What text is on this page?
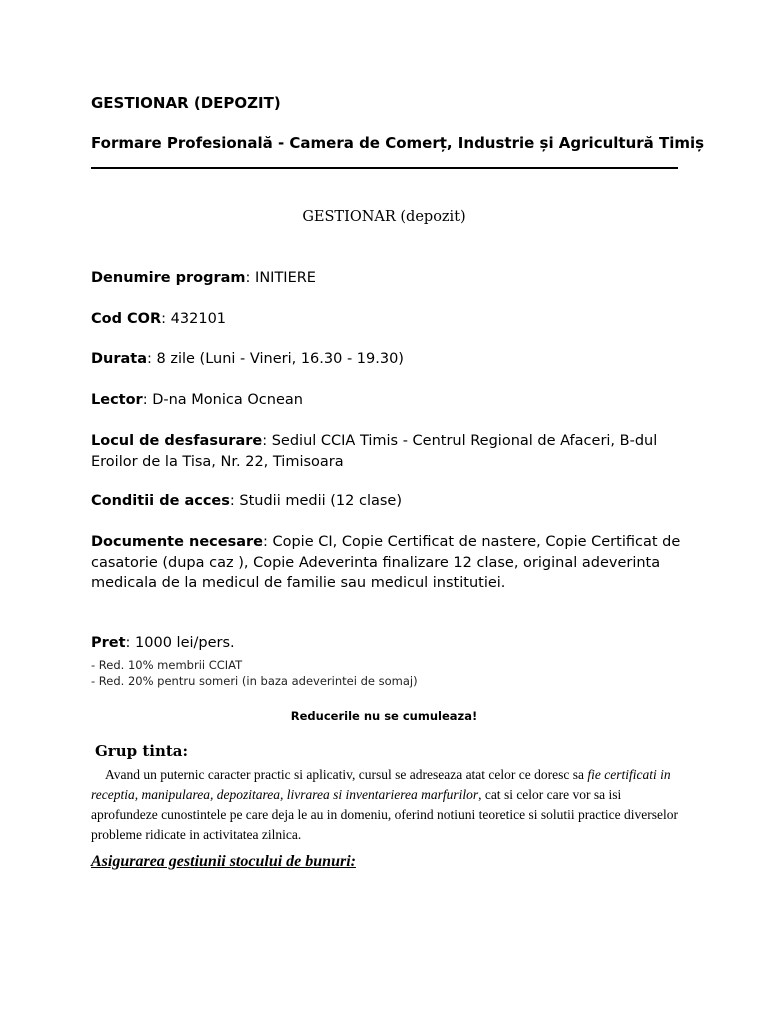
GESTIONAR (DEPOZIT)
Formare Profesională - Camera de Comerț, Industrie și Agricultură Timiș
GESTIONAR (depozit)
Denumire program: INITIERE
Cod COR: 432101
Durata: 8 zile (Luni - Vineri, 16.30 - 19.30)
Lector: D-na Monica Ocnean
Locul de desfasurare: Sediul CCIA Timis - Centrul Regional de Afaceri, B-dul Eroilor de la Tisa, Nr. 22, Timisoara
Conditii de acces: Studii medii (12 clase)
Documente necesare: Copie CI, Copie Certificat de nastere, Copie Certificat de casatorie (dupa caz ), Copie Adeverinta finalizare 12 clase, original adeverinta medicala de la medicul de familie sau medicul institutiei.
Pret: 1000 lei/pers.
- Red. 10% membrii CCIAT
- Red. 20% pentru someri (in baza adeverintei de somaj)
Reducerile nu se cumuleaza!
Grup tinta:
Avand un puternic caracter practic si aplicativ, cursul se adreseaza atat celor ce doresc sa fie certificati in receptia, manipularea, depozitarea, livrarea si inventarierea marfurilor, cat si celor care vor sa isi aprofundeze cunostintele pe care deja le au in domeniu, oferind notiuni teoretice si solutii practice diverselor probleme ridicate in activitatea zilnica.
Asigurarea gestiunii stocului de bunuri:
